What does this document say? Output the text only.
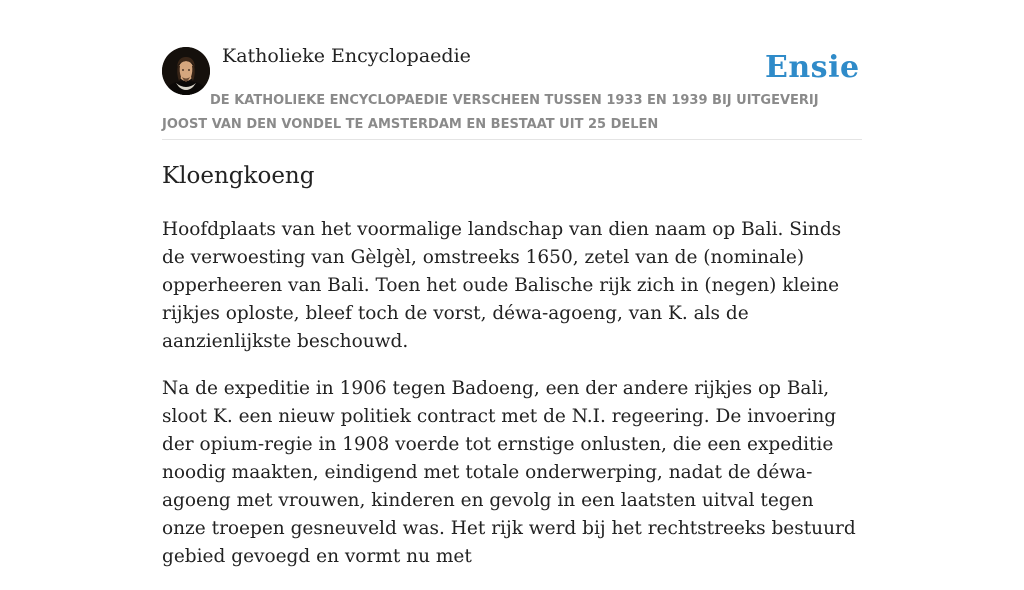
Katholieke Encyclopaedie	Ensie
DE KATHOLIEKE ENCYCLOPAEDIE VERSCHEEN TUSSEN 1933 EN 1939 BIJ UITGEVERIJ JOOST VAN DEN VONDEL TE AMSTERDAM EN BESTAAT UIT 25 DELEN
Kloengkoeng

Hoofdplaats van het voormalige landschap van dien naam op Bali. Sinds de verwoesting van Gèlgèl, omstreeks 1650, zetel van de (nominale) opperheeren van Bali. Toen het oude Balische rijk zich in (negen) kleine rijkjes oploste, bleef toch de vorst, déwa-agoeng, van K. als de aanzienlijkste beschouwd.

Na de expeditie in 1906 tegen Badoeng, een der andere rijkjes op Bali, sloot K. een nieuw politiek contract met de N.I. regeering. De invoering der opium-regie in 1908 voerde tot ernstige onlusten, die een expeditie noodig maakten, eindigend met totale onderwerping, nadat de déwa-agoeng met vrouwen, kinderen en gevolg in een laatsten uitval tegen onze troepen gesneuveld was. Het rijk werd bij het rechtstreeks bestuurd gebied gevoegd en vormt nu met
